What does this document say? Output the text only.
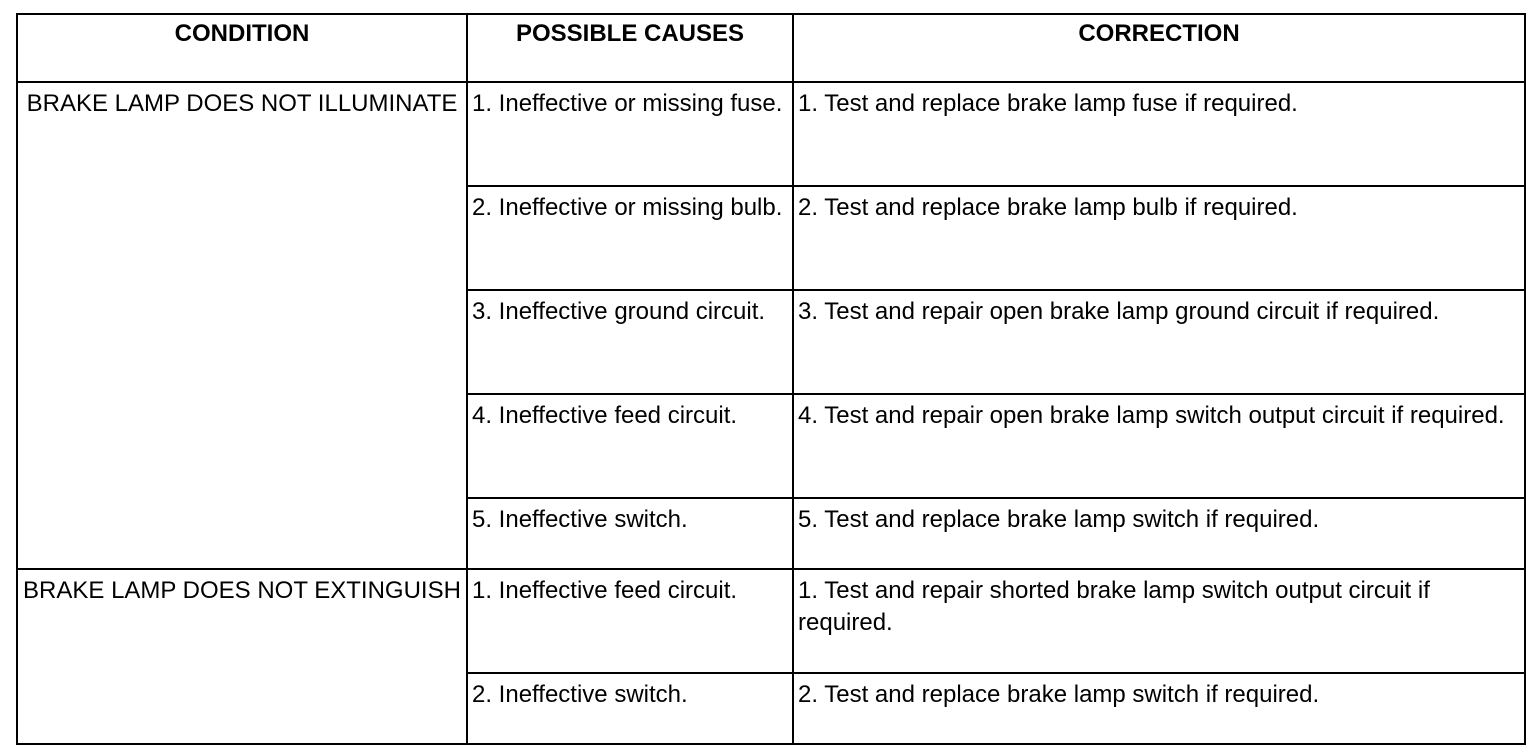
CONDITION	POSSIBLE CAUSES	CORRECTION
BRAKE LAMP DOES NOT ILLUMINATE	1. Ineffective or missing fuse.	1. Test and replace brake lamp fuse if required.
	2. Ineffective or missing bulb.	2. Test and replace brake lamp bulb if required.
	3. Ineffective ground circuit.	3. Test and repair open brake lamp ground circuit if required.
	4. Ineffective feed circuit.	4. Test and repair open brake lamp switch output circuit if required.
	5. Ineffective switch.	5. Test and replace brake lamp switch if required.
BRAKE LAMP DOES NOT EXTINGUISH	1. Ineffective feed circuit.	1. Test and repair shorted brake lamp switch output circuit if required.
	2. Ineffective switch.	2. Test and replace brake lamp switch if required.
